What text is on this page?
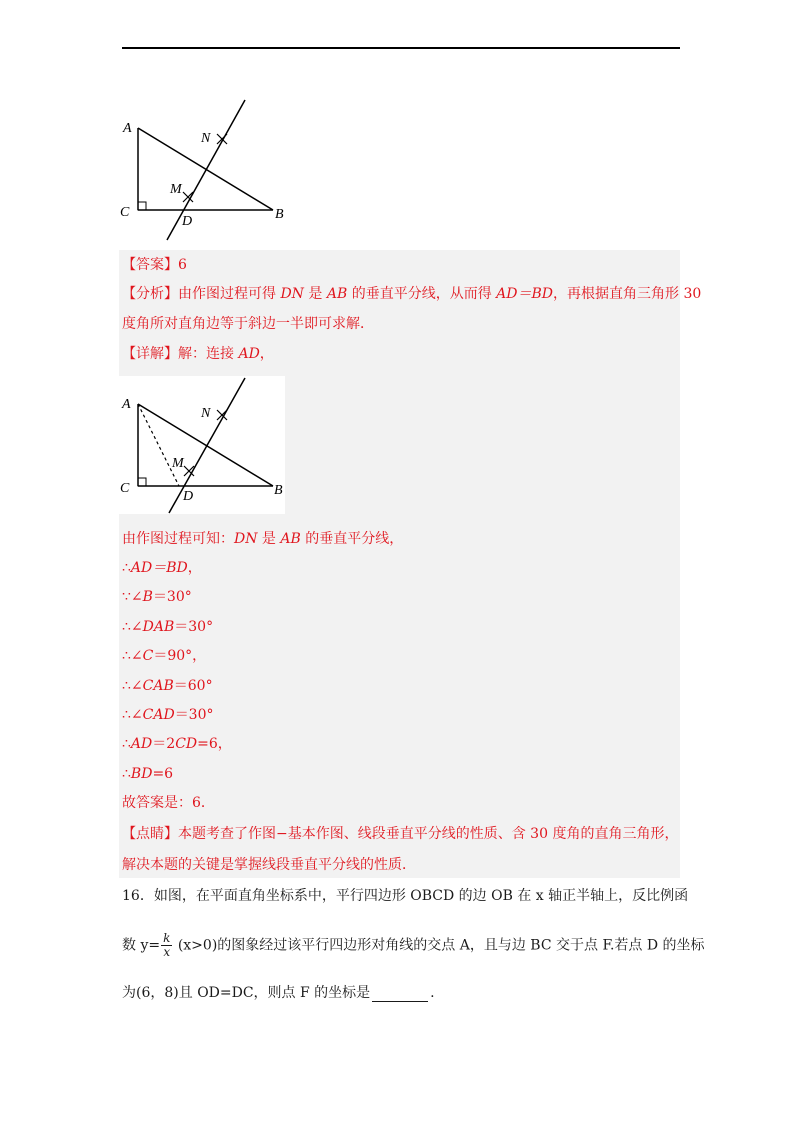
A
N
M
C
D	B
【答案】6
【分析】由作图过程可得 DN 是 AB 的垂直平分线，从而得 AD＝BD，再根据直角三角形 30
度角所对直角边等于斜边一半即可求解．
【详解】解：连接 AD，
A
N
M
C
D	B
由作图过程可知：DN 是 AB 的垂直平分线，
∴AD＝BD，
∵∠B＝30°
∴∠DAB＝30°
∴∠C＝90°，
∴∠CAB＝60°
∴∠CAD＝30°
∴AD＝2CD=6，
∴BD=6
故答案是：6．
【点睛】本题考查了作图−基本作图、线段垂直平分线的性质、含 30 度角的直角三角形，
解决本题的关键是掌握线段垂直平分线的性质．
16．如图，在平面直角坐标系中，平行四边形 OBCD 的边 OB 在 x 轴正半轴上，反比例函
数 $y= \frac{k}{x} (x>0)$的图象经过该平行四边形对角线的交点 A，且与边 BC 交于点 F.若点 D 的坐标
为(6，8)且 OD=DC，则点 F 的坐标是	.
